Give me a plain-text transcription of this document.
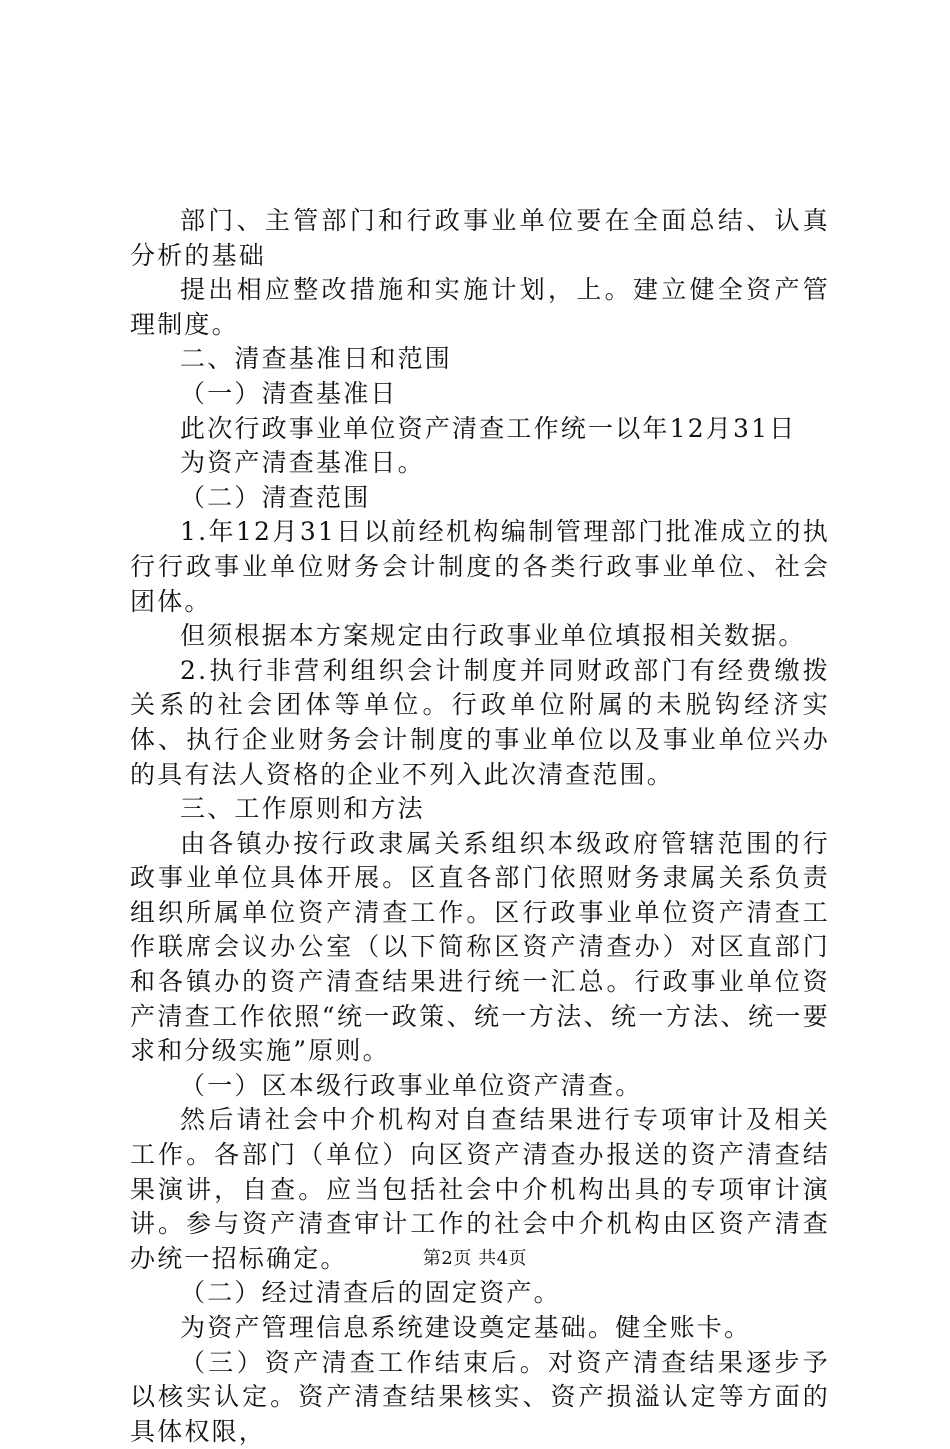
部门、主管部门和行政事业单位要在全面总结、认真分析的基础

提出相应整改措施和实施计划，上。建立健全资产管理制度。

二、清查基准日和范围

（一）清查基准日

此次行政事业单位资产清查工作统一以年12月31日

为资产清查基准日。

（二）清查范围

1.年12月31日以前经机构编制管理部门批准成立的执行行政事业单位财务会计制度的各类行政事业单位、社会团体。

但须根据本方案规定由行政事业单位填报相关数据。

2.执行非营利组织会计制度并同财政部门有经费缴拨关系的社会团体等单位。行政单位附属的未脱钩经济实体、执行企业财务会计制度的事业单位以及事业单位兴办的具有法人资格的企业不列入此次清查范围。

三、工作原则和方法

由各镇办按行政隶属关系组织本级政府管辖范围的行政事业单位具体开展。区直各部门依照财务隶属关系负责组织所属单位资产清查工作。区行政事业单位资产清查工作联席会议办公室（以下简称区资产清查办）对区直部门和各镇办的资产清查结果进行统一汇总。行政事业单位资产清查工作依照“统一政策、统一方法、统一方法、统一要求和分级实施”原则。

（一）区本级行政事业单位资产清查。

然后请社会中介机构对自查结果进行专项审计及相关工作。各部门（单位）向区资产清查办报送的资产清查结果演讲，自查。应当包括社会中介机构出具的专项审计演讲。参与资产清查审计工作的社会中介机构由区资产清查办统一招标确定。

（二）经过清查后的固定资产。

为资产管理信息系统建设奠定基础。健全账卡。

（三）资产清查工作结束后。对资产清查结果逐步予以核实认定。资产清查结果核实、资产损溢认定等方面的具体权限，

第2页 共4页
